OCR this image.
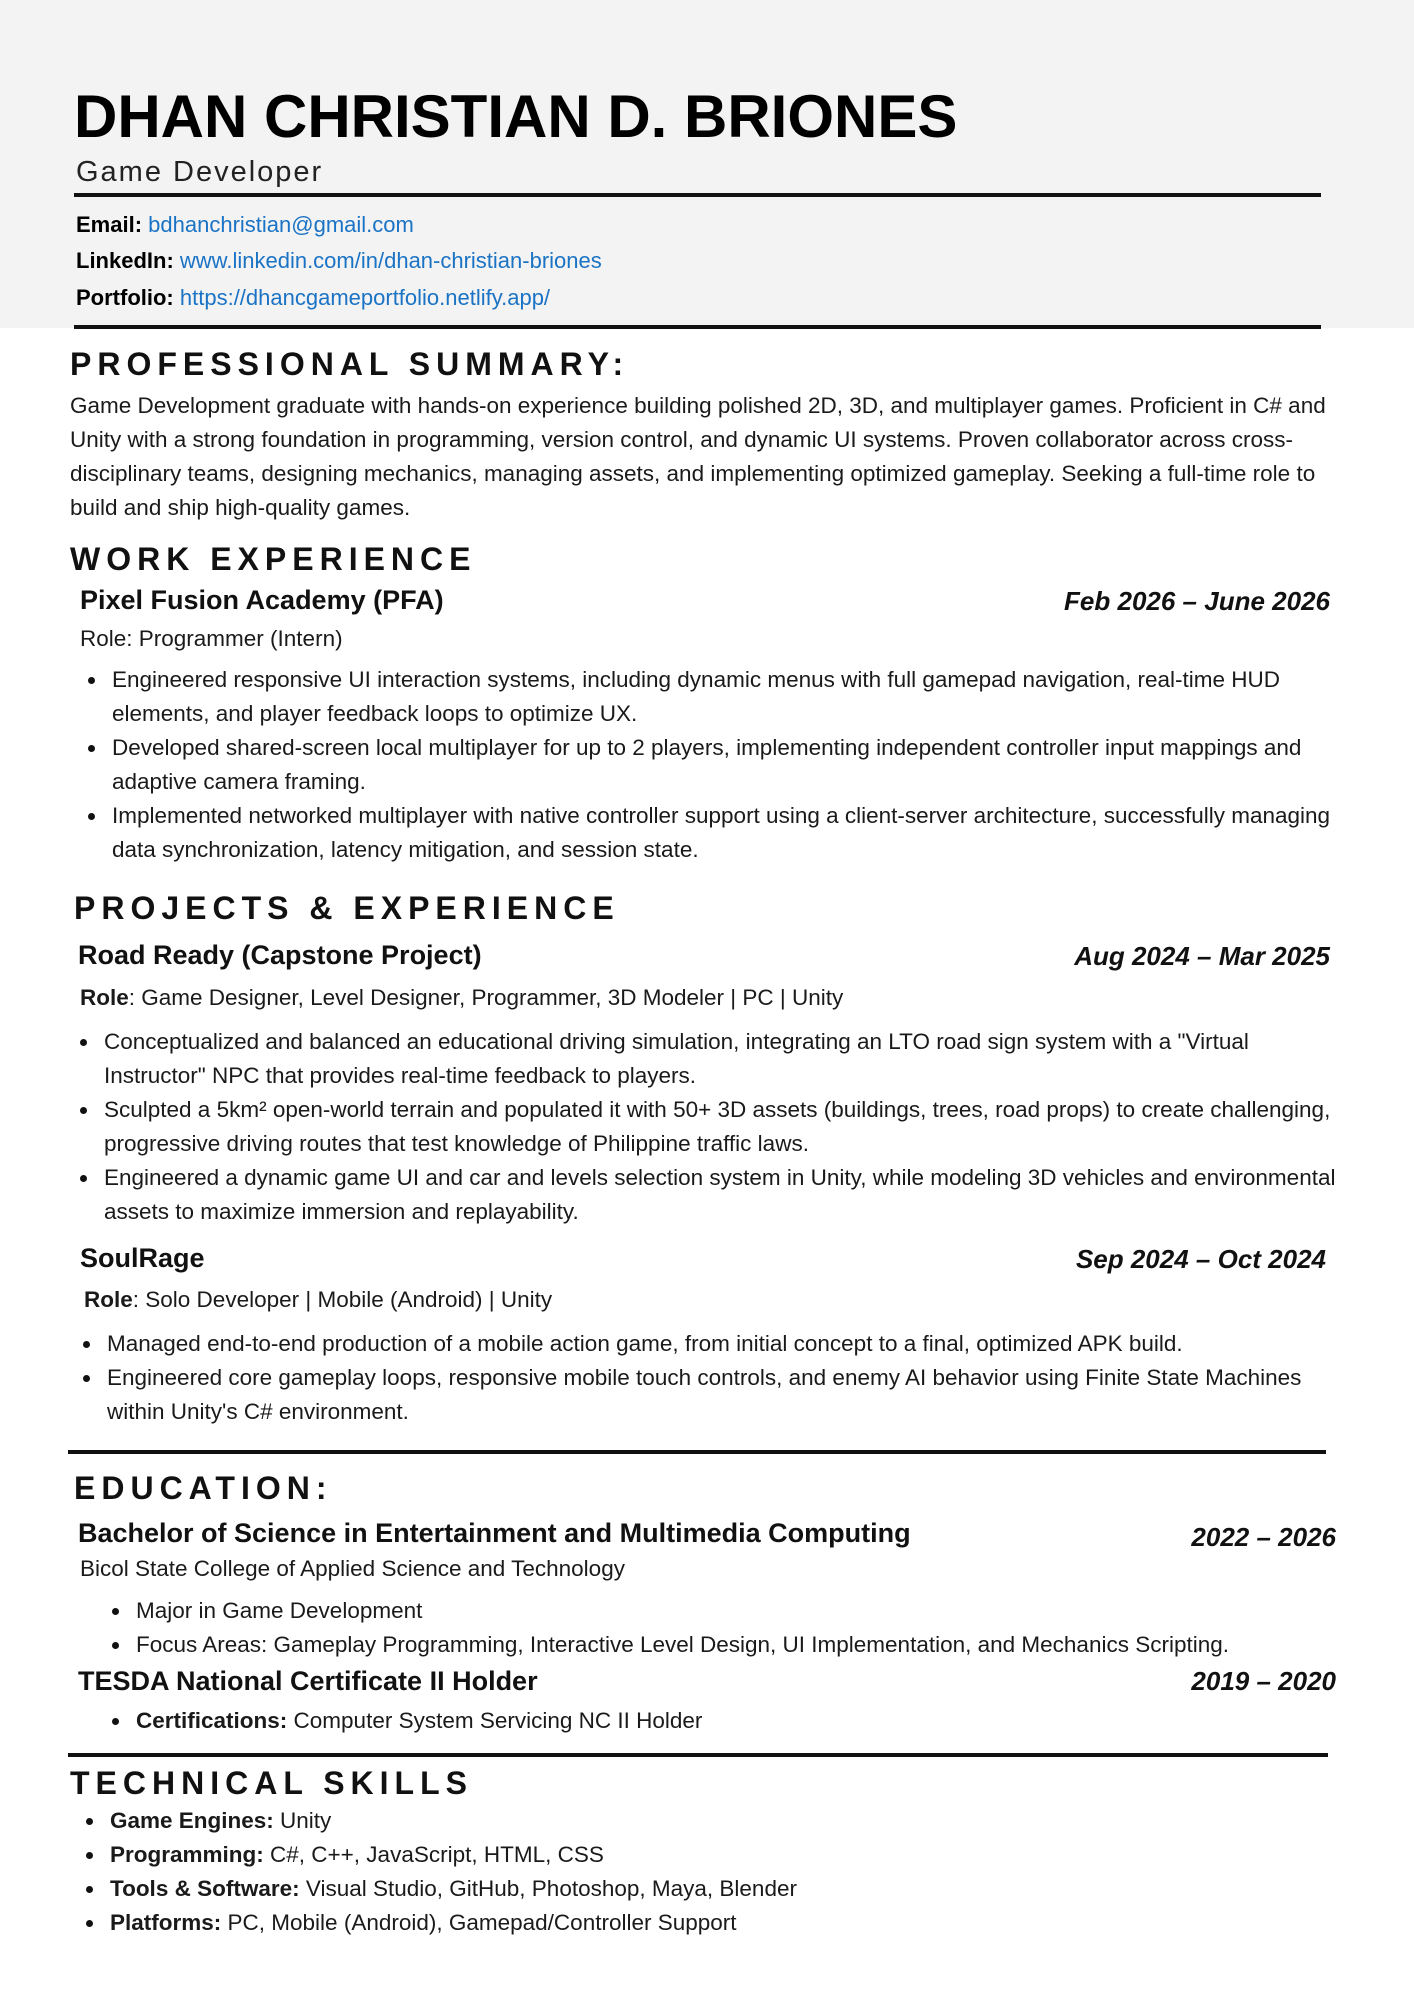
DHAN CHRISTIAN D. BRIONES
Game Developer
Email: bdhanchristian@gmail.com
LinkedIn: www.linkedin.com/in/dhan-christian-briones
Portfolio: https://dhancgameportfolio.netlify.app/
PROFESSIONAL SUMMARY:
Game Development graduate with hands-on experience building polished 2D, 3D, and multiplayer games. Proficient in C# and Unity with a strong foundation in programming, version control, and dynamic UI systems. Proven collaborator across cross-disciplinary teams, designing mechanics, managing assets, and implementing optimized gameplay. Seeking a full-time role to build and ship high-quality games.
WORK EXPERIENCE
Pixel Fusion Academy (PFA)	Feb 2026 – June 2026
Role: Programmer (Intern)
Engineered responsive UI interaction systems, including dynamic menus with full gamepad navigation, real-time HUD elements, and player feedback loops to optimize UX.
Developed shared-screen local multiplayer for up to 2 players, implementing independent controller input mappings and adaptive camera framing.
Implemented networked multiplayer with native controller support using a client-server architecture, successfully managing data synchronization, latency mitigation, and session state.
PROJECTS & EXPERIENCE
Road Ready (Capstone Project)	Aug 2024 – Mar 2025
Role: Game Designer, Level Designer, Programmer, 3D Modeler | PC | Unity
Conceptualized and balanced an educational driving simulation, integrating an LTO road sign system with a "Virtual Instructor" NPC that provides real-time feedback to players.
Sculpted a 5km² open-world terrain and populated it with 50+ 3D assets (buildings, trees, road props) to create challenging, progressive driving routes that test knowledge of Philippine traffic laws.
Engineered a dynamic game UI and car and levels selection system in Unity, while modeling 3D vehicles and environmental assets to maximize immersion and replayability.
SoulRage	Sep 2024 – Oct 2024
Role: Solo Developer | Mobile (Android) | Unity
Managed end-to-end production of a mobile action game, from initial concept to a final, optimized APK build.
Engineered core gameplay loops, responsive mobile touch controls, and enemy AI behavior using Finite State Machines within Unity's C# environment.
EDUCATION:
Bachelor of Science in Entertainment and Multimedia Computing	2022 – 2026
Bicol State College of Applied Science and Technology
Major in Game Development
Focus Areas: Gameplay Programming, Interactive Level Design, UI Implementation, and Mechanics Scripting.
TESDA National Certificate II Holder	2019 – 2020
Certifications: Computer System Servicing NC II Holder
TECHNICAL SKILLS
Game Engines: Unity
Programming: C#, C++, JavaScript, HTML, CSS
Tools & Software: Visual Studio, GitHub, Photoshop, Maya, Blender
Platforms: PC, Mobile (Android), Gamepad/Controller Support
